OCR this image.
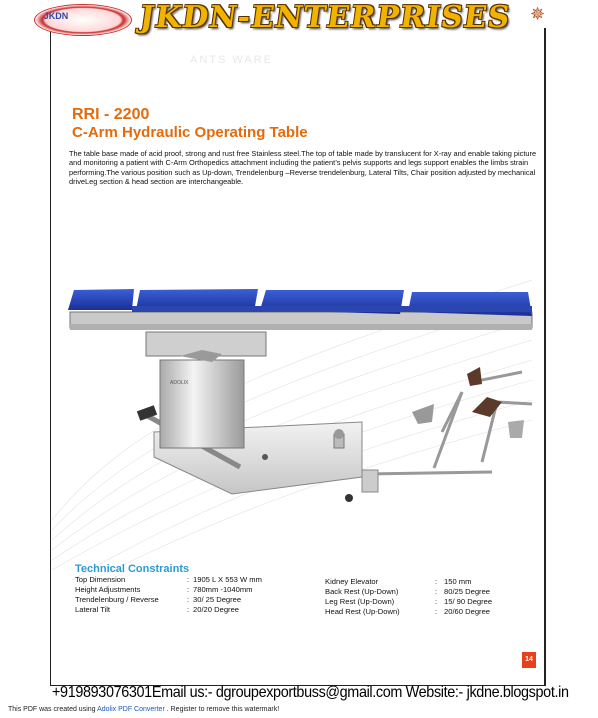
JKDN JKDN-ENTERPRISES ✵
ANTS WARE
RRI - 2200
C-Arm Hydraulic Operating Table
The table base made of acid proof, strong and rust free Stainless steel.The top of table made by translucent for X-ray and enable taking picture and monitoring a patient with C-Arm Orthopedics attachment including the patient’s pelvis supports and legs support enables the limbs strain performing.The various position such as Up-down, Trendelenburg –Reverse trendelenburg, Lateral Tilts, Chair position adjusted by mechanical driveLeg section & head section are interchangeable.
ADOLIX
Technical Constraints
Top Dimension	: 1905 L X 553 W mm
Height Adjustments	: 780mm -1040mm
Trendelenburg / Reverse	: 30/ 25 Degree
Lateral Tilt	: 20/20 Degree
Kidney Elevator	: 150 mm
Back Rest (Up-Down)	: 80/25 Degree
Leg Rest (Up-Down)	: 15/ 90 Degree
Head Rest (Up-Down)	: 20/60 Degree
14
+919893076301Email us:- dgroupexportbuss@gmail.com Website:- jkdne.blogspot.in
This PDF was created using Adolix PDF Converter . Register to remove this watermark!
